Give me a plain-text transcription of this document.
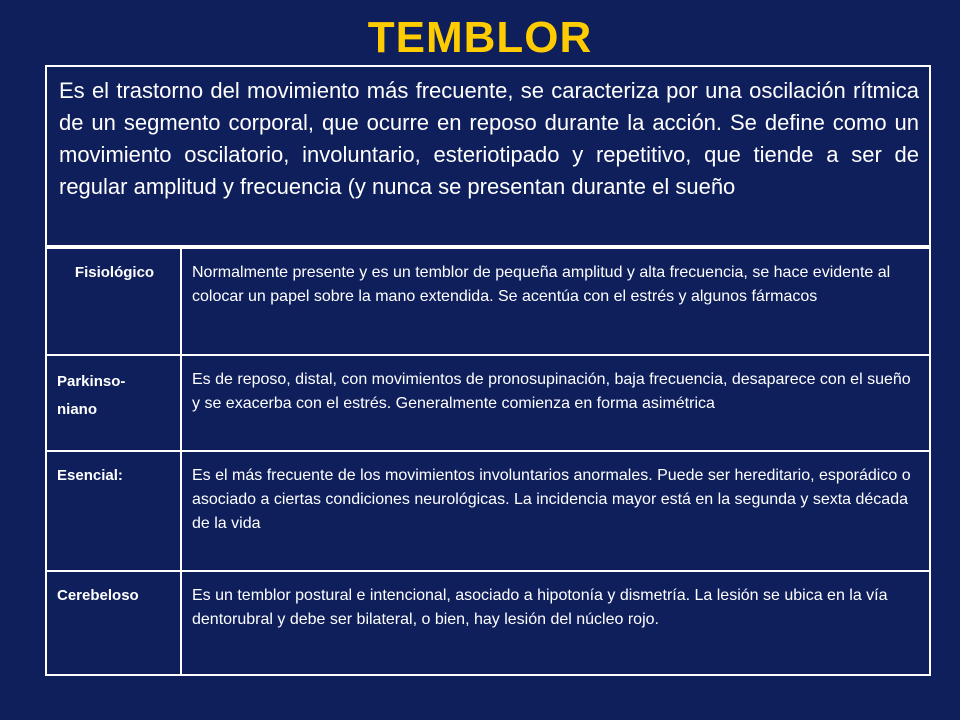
TEMBLOR

Es el trastorno del movimiento más frecuente, se caracteriza por una oscilación rítmica de un segmento corporal, que ocurre en reposo durante la acción. Se define como un movimiento oscilatorio, involuntario, esteriotipado y repetitivo, que tiende a ser de regular amplitud y frecuencia (y nunca se presentan durante el sueño

Fisiológico	Normalmente presente y es un temblor de pequeña amplitud y alta frecuencia, se hace evidente al colocar un papel sobre la mano extendida. Se acentúa con el estrés y algunos fármacos
Parkinso-
niano	Es de reposo, distal, con movimientos de pronosupinación, baja frecuencia, desaparece con el sueño y se exacerba con el estrés. Generalmente comienza en forma asimétrica
Esencial:	Es el más frecuente de los movimientos involuntarios anormales. Puede ser hereditario, esporádico o asociado a ciertas condiciones neurológicas. La incidencia mayor está en la segunda y sexta década de la vida
Cerebeloso	Es un temblor postural e intencional, asociado a hipotonía y dismetría. La lesión se ubica en la vía dentorubral y debe ser bilateral, o bien, hay lesión del núcleo rojo.
